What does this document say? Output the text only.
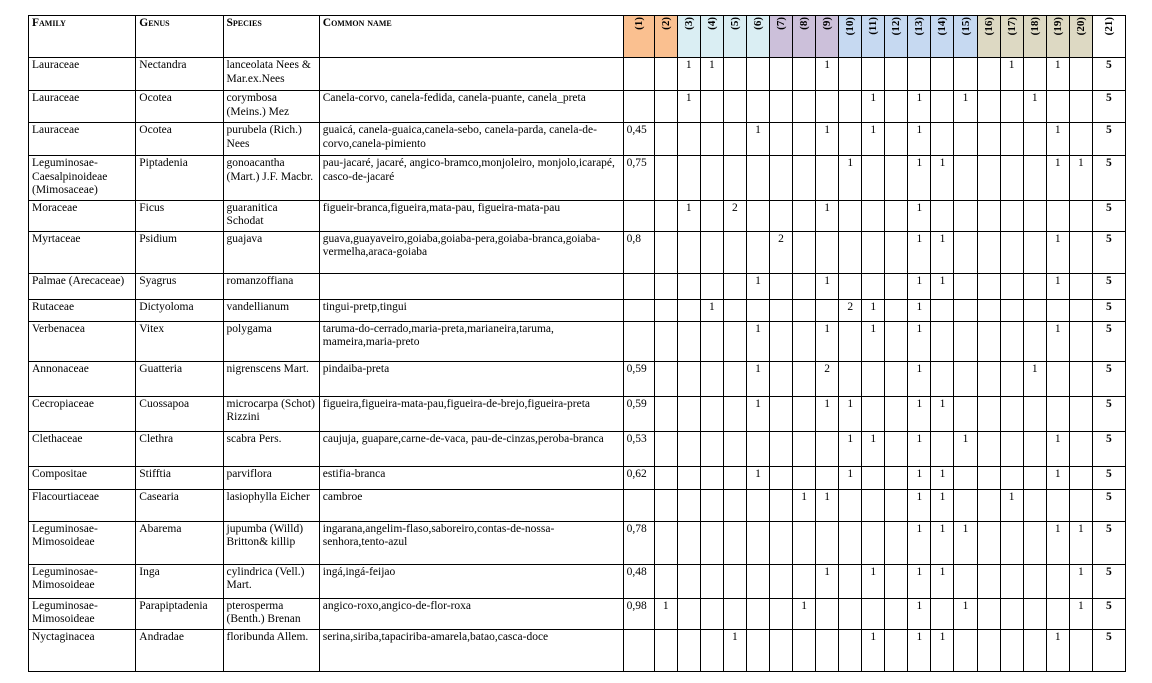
Family	Genus	Species	Common name	(1)	(2)	(3)	(4)	(5)	(6)	(7)	(8)	(9)	(10)	(11)	(12)	(13)	(14)	(15)	(16)	(17)	(18)	(19)	(20)	(21)
Lauraceae	Nectandra	lanceolata Nees & Mar.ex.Nees				1	1					1								1		1		5
Lauraceae	Ocotea	corymbosa (Meins.) Mez	Canela-corvo, canela-fedida, canela-puante, canela_preta			1								1		1		1			1			5
Lauraceae	Ocotea	purubela (Rich.) Nees	guaicá, canela-guaica,canela-sebo, canela-parda, canela-de-corvo,canela-pimiento	0,45					1			1		1		1						1		5
Leguminosae-Caesalpinoideae (Mimosaceae)	Piptadenia	gonoacantha (Mart.) J.F. Macbr.	pau-jacaré, jacaré, angico-bramco,monjoleiro, monjolo,icarapé, casco-de-jacaré	0,75									1			1	1					1	1	5
Moraceae	Ficus	guaranitica Schodat	figueir-branca,figueira,mata-pau, figueira-mata-pau			1		2				1				1								5
Myrtaceae	Psidium	guajava	guava,guayaveiro,goiaba,goiaba-pera,goiaba-branca,goiaba-vermelha,araca-goiaba	0,8						2						1	1					1		5
Palmae (Arecaceae)	Syagrus	romanzoffiana							1			1				1	1					1		5
Rutaceae	Dictyoloma	vandellianum	tingui-pretp,tingui				1						2	1		1								5
Verbenacea	Vitex	polygama	taruma-do-cerrado,maria-preta,marianeira,taruma, mameira,maria-preto						1			1		1		1						1		5
Annonaceae	Guatteria	nigrenscens Mart.	pindaiba-preta	0,59					1			2				1					1			5
Cecropiaceae	Cuossapoa	microcarpa (Schot) Rizzini	figueira,figueira-mata-pau,figueira-de-brejo,figueira-preta	0,59					1			1	1			1	1							5
Clethaceae	Clethra	scabra Pers.	caujuja, guapare,carne-de-vaca, pau-de-cinzas,peroba-branca	0,53									1	1		1		1				1		5
Compositae	Stifftia	parviflora	estifia-branca	0,62					1				1			1	1					1		5
Flacourtiaceae	Casearia	lasiophylla Eicher	cambroe								1	1				1	1			1				5
Leguminosae-Mimosoideae	Abarema	jupumba (Willd) Britton& killip	ingarana,angelim-flaso,saboreiro,contas-de-nossa-senhora,tento-azul	0,78												1	1	1				1	1	5
Leguminosae-Mimosoideae	Inga	cylindrica (Vell.) Mart.	ingá,ingá-feijao	0,48								1		1		1	1						1	5
Leguminosae-Mimosoideae	Parapiptadenia	pterosperma (Benth.) Brenan	angico-roxo,angico-de-flor-roxa	0,98	1						1					1		1					1	5
Nyctaginacea	Andradae	floribunda Allem.	serina,siriba,tapaciriba-amarela,batao,casca-doce					1						1		1	1					1		5
